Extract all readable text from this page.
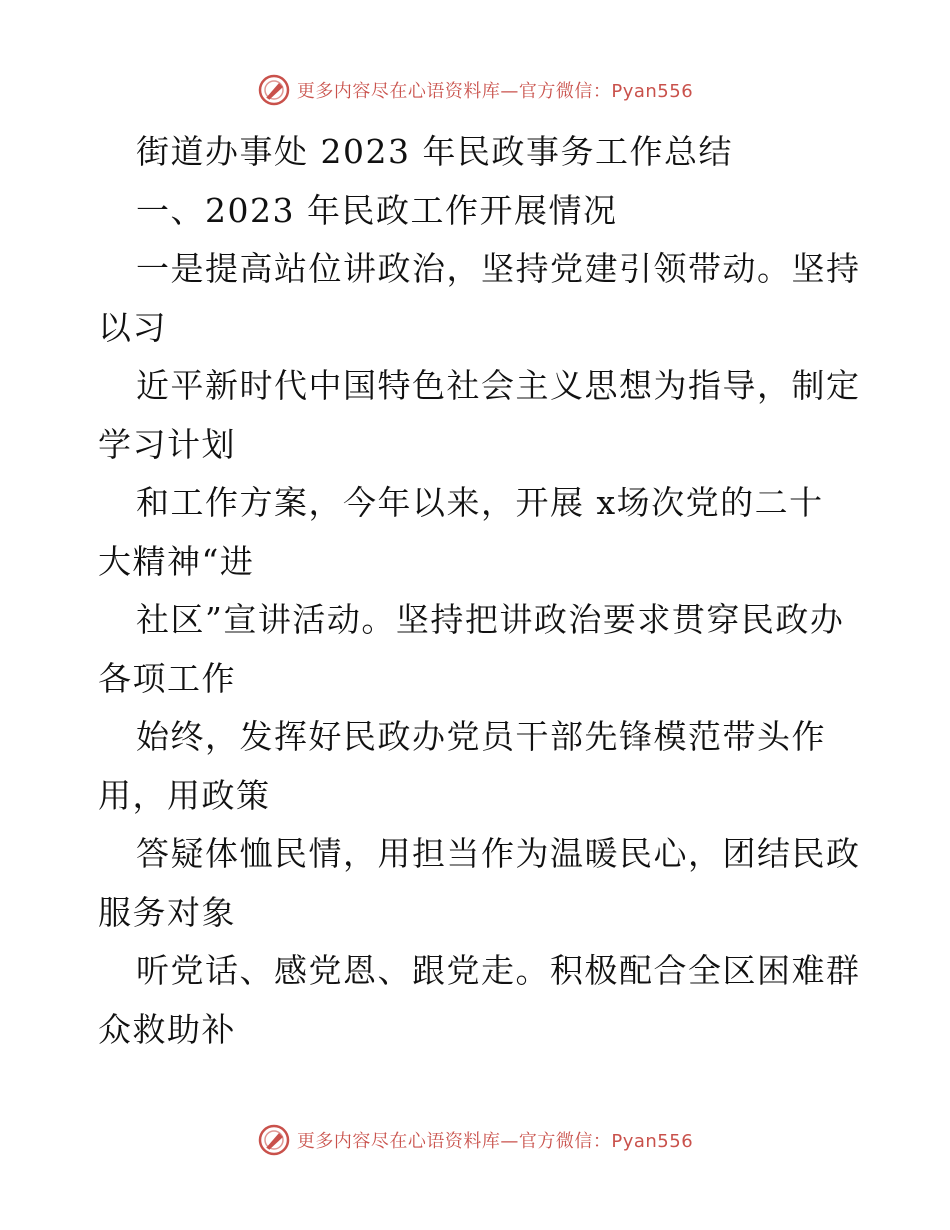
更多内容尽在心语资料库—官方微信：Pyan556
街道办事处 2023 年民政事务工作总结
一、2023 年民政工作开展情况
一是提高站位讲政治，坚持党建引领带动。坚持
以习
近平新时代中国特色社会主义思想为指导，制定
学习计划
和工作方案，今年以来，开展 x场次党的二十
大精神“进
社区”宣讲活动。坚持把讲政治要求贯穿民政办
各项工作
始终，发挥好民政办党员干部先锋模范带头作
用，用政策
答疑体恤民情，用担当作为温暖民心，团结民政
服务对象
听党话、感党恩、跟党走。积极配合全区困难群
众救助补
更多内容尽在心语资料库—官方微信：Pyan556
